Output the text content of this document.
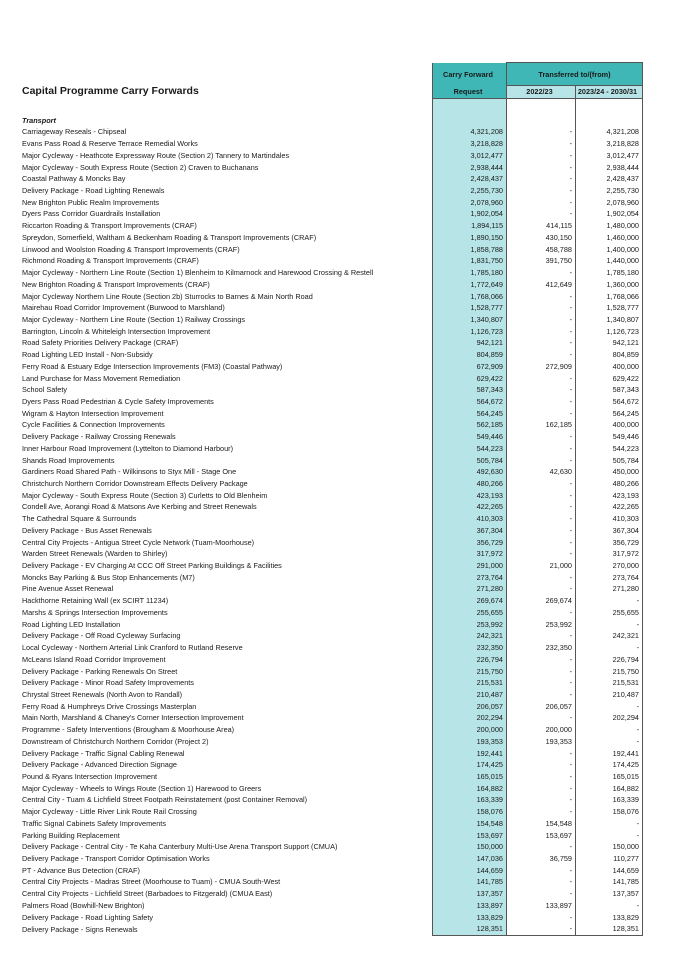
Capital Programme Carry Forwards	Carry Forward	Transferred to/(from)	
	Request	2022/23	2023/24 - 2030/31

Transport			
Carriageway Reseals - Chipseal	4,321,208	-	4,321,208
Evans Pass Road & Reserve Terrace Remedial Works	3,218,828	-	3,218,828
Major Cycleway - Heathcote Expressway Route (Section 2) Tannery to Martindales	3,012,477	-	3,012,477
Major Cycleway - South Express Route (Section 2) Craven to Buchanans	2,938,444	-	2,938,444
Coastal Pathway & Moncks Bay	2,428,437	-	2,428,437
Delivery Package - Road Lighting Renewals	2,255,730	-	2,255,730
New Brighton Public Realm Improvements	2,078,960	-	2,078,960
Dyers Pass Corridor Guardrails Installation	1,902,054	-	1,902,054
Riccarton Roading & Transport Improvements (CRAF)	1,894,115	414,115	1,480,000
Spreydon, Somerfield, Waltham & Beckenham Roading & Transport Improvements (CRAF)	1,890,150	430,150	1,460,000
Linwood and Woolston Roading & Transport Improvements (CRAF)	1,858,788	458,788	1,400,000
Richmond Roading & Transport Improvements (CRAF)	1,831,750	391,750	1,440,000
Major Cycleway - Northern Line Route (Section 1) Blenheim to Kilmarnock and Harewood Crossing & Restell	1,785,180	-	1,785,180
New Brighton Roading & Transport Improvements (CRAF)	1,772,649	412,649	1,360,000
Major Cycleway Northern Line Route (Section 2b) Sturrocks to Barnes & Main North Road	1,768,066	-	1,768,066
Mairehau Road Corridor Improvement (Burwood to Marshland)	1,528,777	-	1,528,777
Major Cycleway - Northern Line Route (Section 1) Railway Crossings	1,340,807	-	1,340,807
Barrington, Lincoln & Whiteleigh Intersection Improvement	1,126,723	-	1,126,723
Road Safety Priorities Delivery Package (CRAF)	942,121	-	942,121
Road Lighting LED Install - Non-Subsidy	804,859	-	804,859
Ferry Road & Estuary Edge Intersection Improvements (FM3) (Coastal Pathway)	672,909	272,909	400,000
Land Purchase for Mass Movement Remediation	629,422	-	629,422
School Safety	587,343	-	587,343
Dyers Pass Road Pedestrian & Cycle Safety Improvements	564,672	-	564,672
Wigram & Hayton Intersection Improvement	564,245	-	564,245
Cycle Facilities & Connection Improvements	562,185	162,185	400,000
Delivery Package - Railway Crossing Renewals	549,446	-	549,446
Inner Harbour Road Improvement (Lyttelton to Diamond Harbour)	544,223	-	544,223
Shands Road Improvements	505,784	-	505,784
Gardiners Road Shared Path - Wilkinsons to Styx Mill - Stage One	492,630	42,630	450,000
Christchurch Northern Corridor Downstream Effects Delivery Package	480,266	-	480,266
Major Cycleway - South Express Route (Section 3) Curletts to Old Blenheim	423,193	-	423,193
Condell Ave, Aorangi Road & Matsons Ave Kerbing and Street Renewals	422,265	-	422,265
The Cathedral Square & Surrounds	410,303	-	410,303
Delivery Package - Bus Asset Renewals	367,304	-	367,304
Central City Projects - Antigua Street Cycle Network (Tuam-Moorhouse)	356,729	-	356,729
Warden Street Renewals (Warden to Shirley)	317,972	-	317,972
Delivery Package - EV Charging At CCC Off Street Parking Buildings & Facilities	291,000	21,000	270,000
Moncks Bay Parking & Bus Stop Enhancements (M7)	273,764	-	273,764
Pine Avenue Asset Renewal	271,280	-	271,280
Hackthorne Retaining Wall (ex SCIRT 11234)	269,674	269,674	-
Marshs & Springs Intersection Improvements	255,655	-	255,655
Road Lighting LED Installation	253,992	253,992	-
Delivery Package - Off Road Cycleway Surfacing	242,321	-	242,321
Local Cycleway - Northern Arterial Link Cranford to Rutland Reserve	232,350	232,350	-
McLeans Island Road Corridor Improvement	226,794	-	226,794
Delivery Package - Parking Renewals On Street	215,750	-	215,750
Delivery Package - Minor Road Safety Improvements	215,531	-	215,531
Chrystal Street Renewals (North Avon to Randall)	210,487	-	210,487
Ferry Road & Humphreys Drive Crossings Masterplan	206,057	206,057	-
Main North, Marshland & Chaney's Corner Intersection Improvement	202,294	-	202,294
Programme - Safety Interventions (Brougham & Moorhouse Area)	200,000	200,000	-
Downstream of Christchurch Northern Corridor (Project 2)	193,353	193,353	-
Delivery Package - Traffic Signal Cabling Renewal	192,441	-	192,441
Delivery Package - Advanced Direction Signage	174,425	-	174,425
Pound & Ryans Intersection Improvement	165,015	-	165,015
Major Cycleway - Wheels to Wings Route (Section 1) Harewood to Greers	164,882	-	164,882
Central City - Tuam & Lichfield Street Footpath Reinstatement (post Container Removal)	163,339	-	163,339
Major Cycleway - Little River Link Route Rail Crossing	158,076	-	158,076
Traffic Signal Cabinets Safety Improvements	154,548	154,548	-
Parking Building Replacement	153,697	153,697	-
Delivery Package - Central City - Te Kaha Canterbury Multi-Use Arena Transport Support (CMUA)	150,000	-	150,000
Delivery Package - Transport Corridor Optimisation Works	147,036	36,759	110,277
PT - Advance Bus Detection (CRAF)	144,659	-	144,659
Central City Projects - Madras Street (Moorhouse to Tuam) - CMUA South-West	141,785	-	141,785
Central City Projects - Lichfield Street (Barbadoes to Fitzgerald) (CMUA East)	137,357	-	137,357
Palmers Road (Bowhill-New Brighton)	133,897	133,897	-
Delivery Package - Road Lighting Safety	133,829	-	133,829
Delivery Package - Signs Renewals	128,351	-	128,351
